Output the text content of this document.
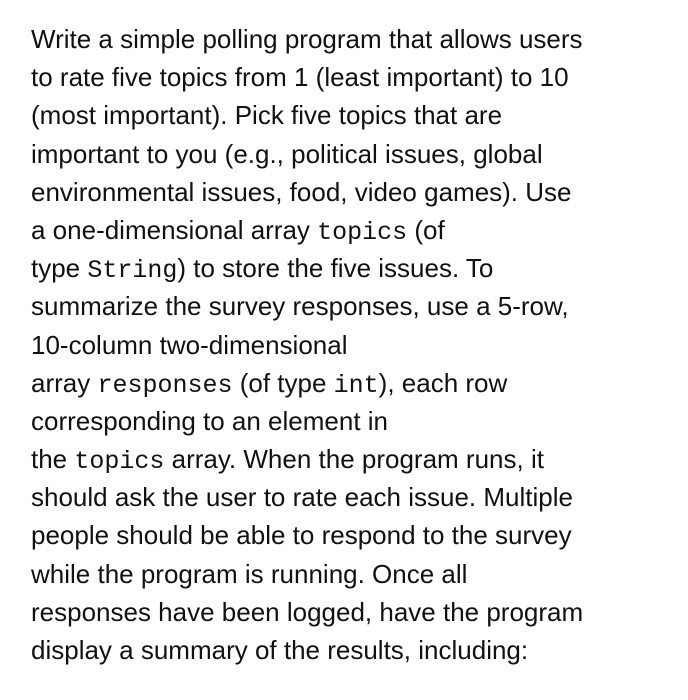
Write a simple polling program that allows users
to rate five topics from 1 (least important) to 10
(most important). Pick five topics that are
important to you (e.g., political issues, global
environmental issues, food, video games). Use
a one-dimensional array topics (of
type String) to store the five issues. To
summarize the survey responses, use a 5-row,
10-column two-dimensional
array responses (of type int), each row
corresponding to an element in
the topics array. When the program runs, it
should ask the user to rate each issue. Multiple
people should be able to respond to the survey
while the program is running. Once all
responses have been logged, have the program
display a summary of the results, including:
